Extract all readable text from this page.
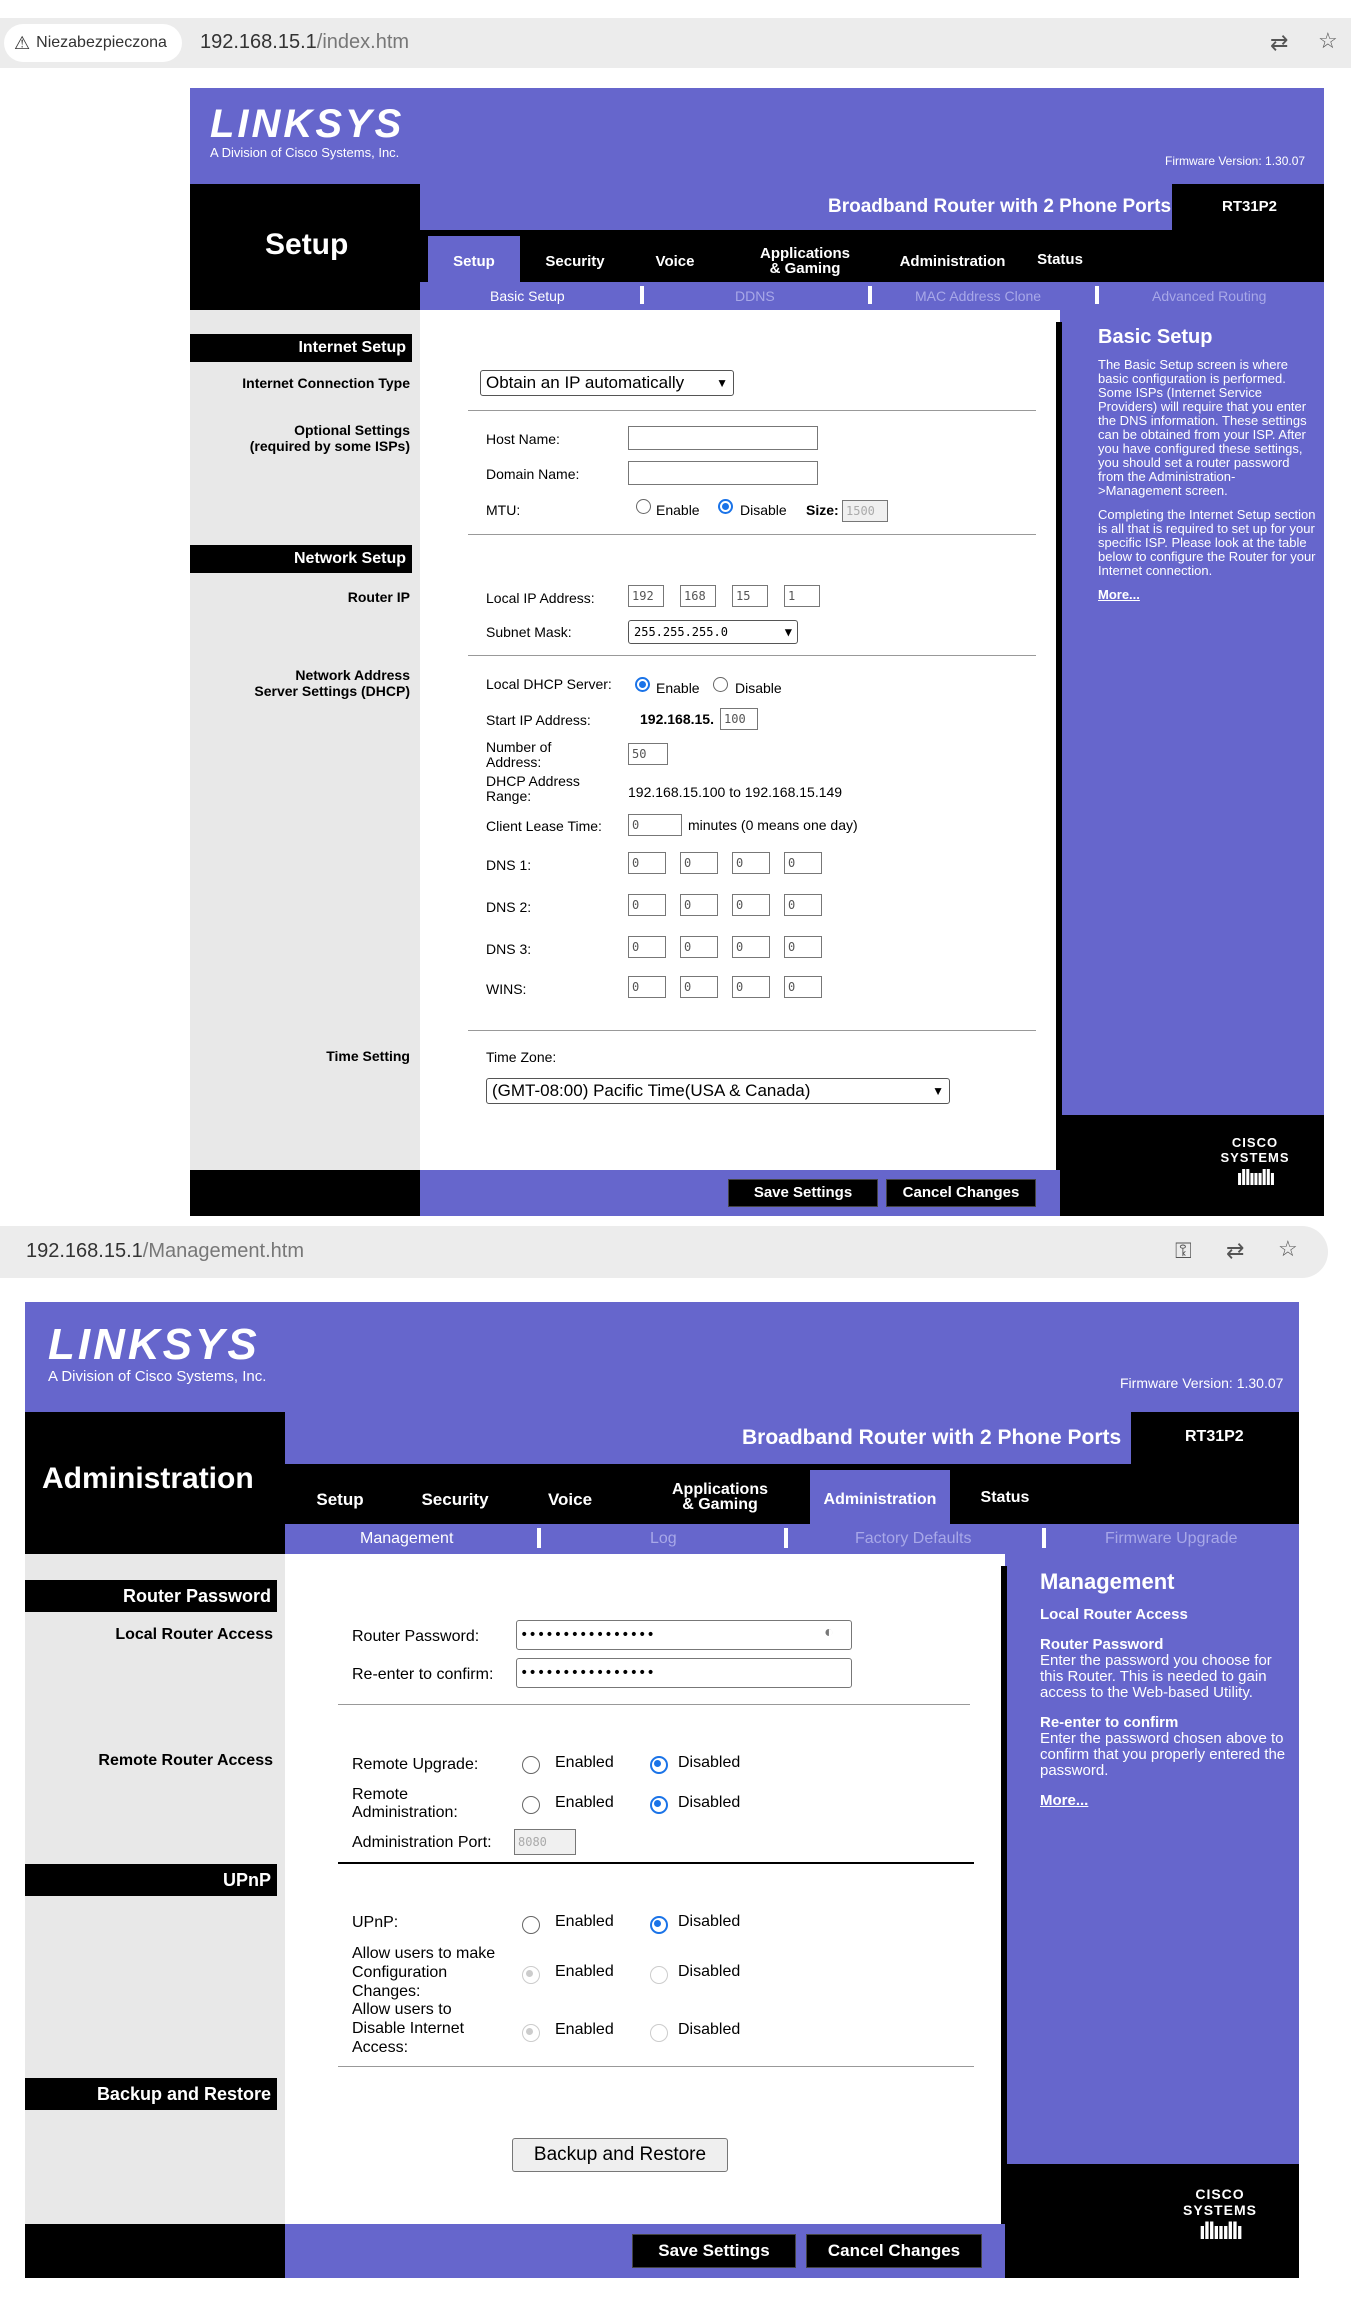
⚠ Niezabezpieczona 192.168.15.1/index.htm	⇄ ☆
LINKSYS
A Division of Cisco Systems, Inc.
Firmware Version: 1.30.07
Setup
Broadband Router with 2 Phone Ports	RT31P2
Setup	Security	Voice	Applications
& Gaming	Administration	Status
Basic Setup	DDNS	MAC Address Clone	Advanced Routing
Internet Setup
Internet Connection Type
Optional Settings
(required by some ISPs)
Network Setup
Router IP
Network Address
Server Settings (DHCP)
Time Setting
Obtain an IP automatically	▼
Host Name:
Domain Name:
MTU:	Enable	Disable Size: 1500
Local IP Address:	192	168	15	1
Subnet Mask:	255.255.255.0	▼
Local DHCP Server:	Enable	Disable
Start IP Address:	192.168.15. 100
Number of
Address:	50
DHCP Address
Range:	192.168.15.100 to 192.168.15.149
Client Lease Time:	0	minutes (0 means one day)
DNS 1:	0	0	0	0
DNS 2:	0	0	0	0
DNS 3:	0	0	0	0
WINS:	0	0	0	0
Time Zone:
(GMT-08:00) Pacific Time(USA & Canada)	▼
Basic Setup

The Basic Setup screen is where basic configuration is performed. Some ISPs (Internet Service Providers) will require that you enter the DNS information. These settings can be obtained from your ISP. After you have configured these settings, you should set a router password from the Administration->Management screen.

Completing the Internet Setup section is all that is required to set up for your specific ISP. Please look at the table below to configure the Router for your Internet connection.

More...

Save Settings	Cancel Changes
CISCO SYSTEMS
ıllıııllı
192.168.15.1/Management.htm	⚿ ⇄ ☆
LINKSYS
A Division of Cisco Systems, Inc.	Firmware Version: 1.30.07
Administration
Broadband Router with 2 Phone Ports	RT31P2
Setup	Security	Voice
Applications
& Gaming	Administration	Status
Management	Log	Factory Defaults	Firmware Upgrade
Router Password
Local Router Access
Remote Router Access
UPnP
Backup and Restore
Router Password:	••••••••••••••••	◐
Re-enter to confirm: ••••••••••••••••
Remote Upgrade:	Enabled	Disabled
Remote
Administration:
Enabled	Disabled
Administration Port:	8080
UPnP:	Enabled	Disabled
Allow users to make
Configuration
Changes:
Enabled	Disabled
Allow users to
Disable Internet
Access:
Enabled	Disabled
Backup and Restore
Management

Local Router Access

Router Password

Enter the password you choose for this Router. This is needed to gain access to the Web-based Utility.

Re-enter to confirm

Enter the password chosen above to confirm that you properly entered the password.

More...

Save Settings	Cancel Changes
CISCO SYSTEMS
ıllıııllı
